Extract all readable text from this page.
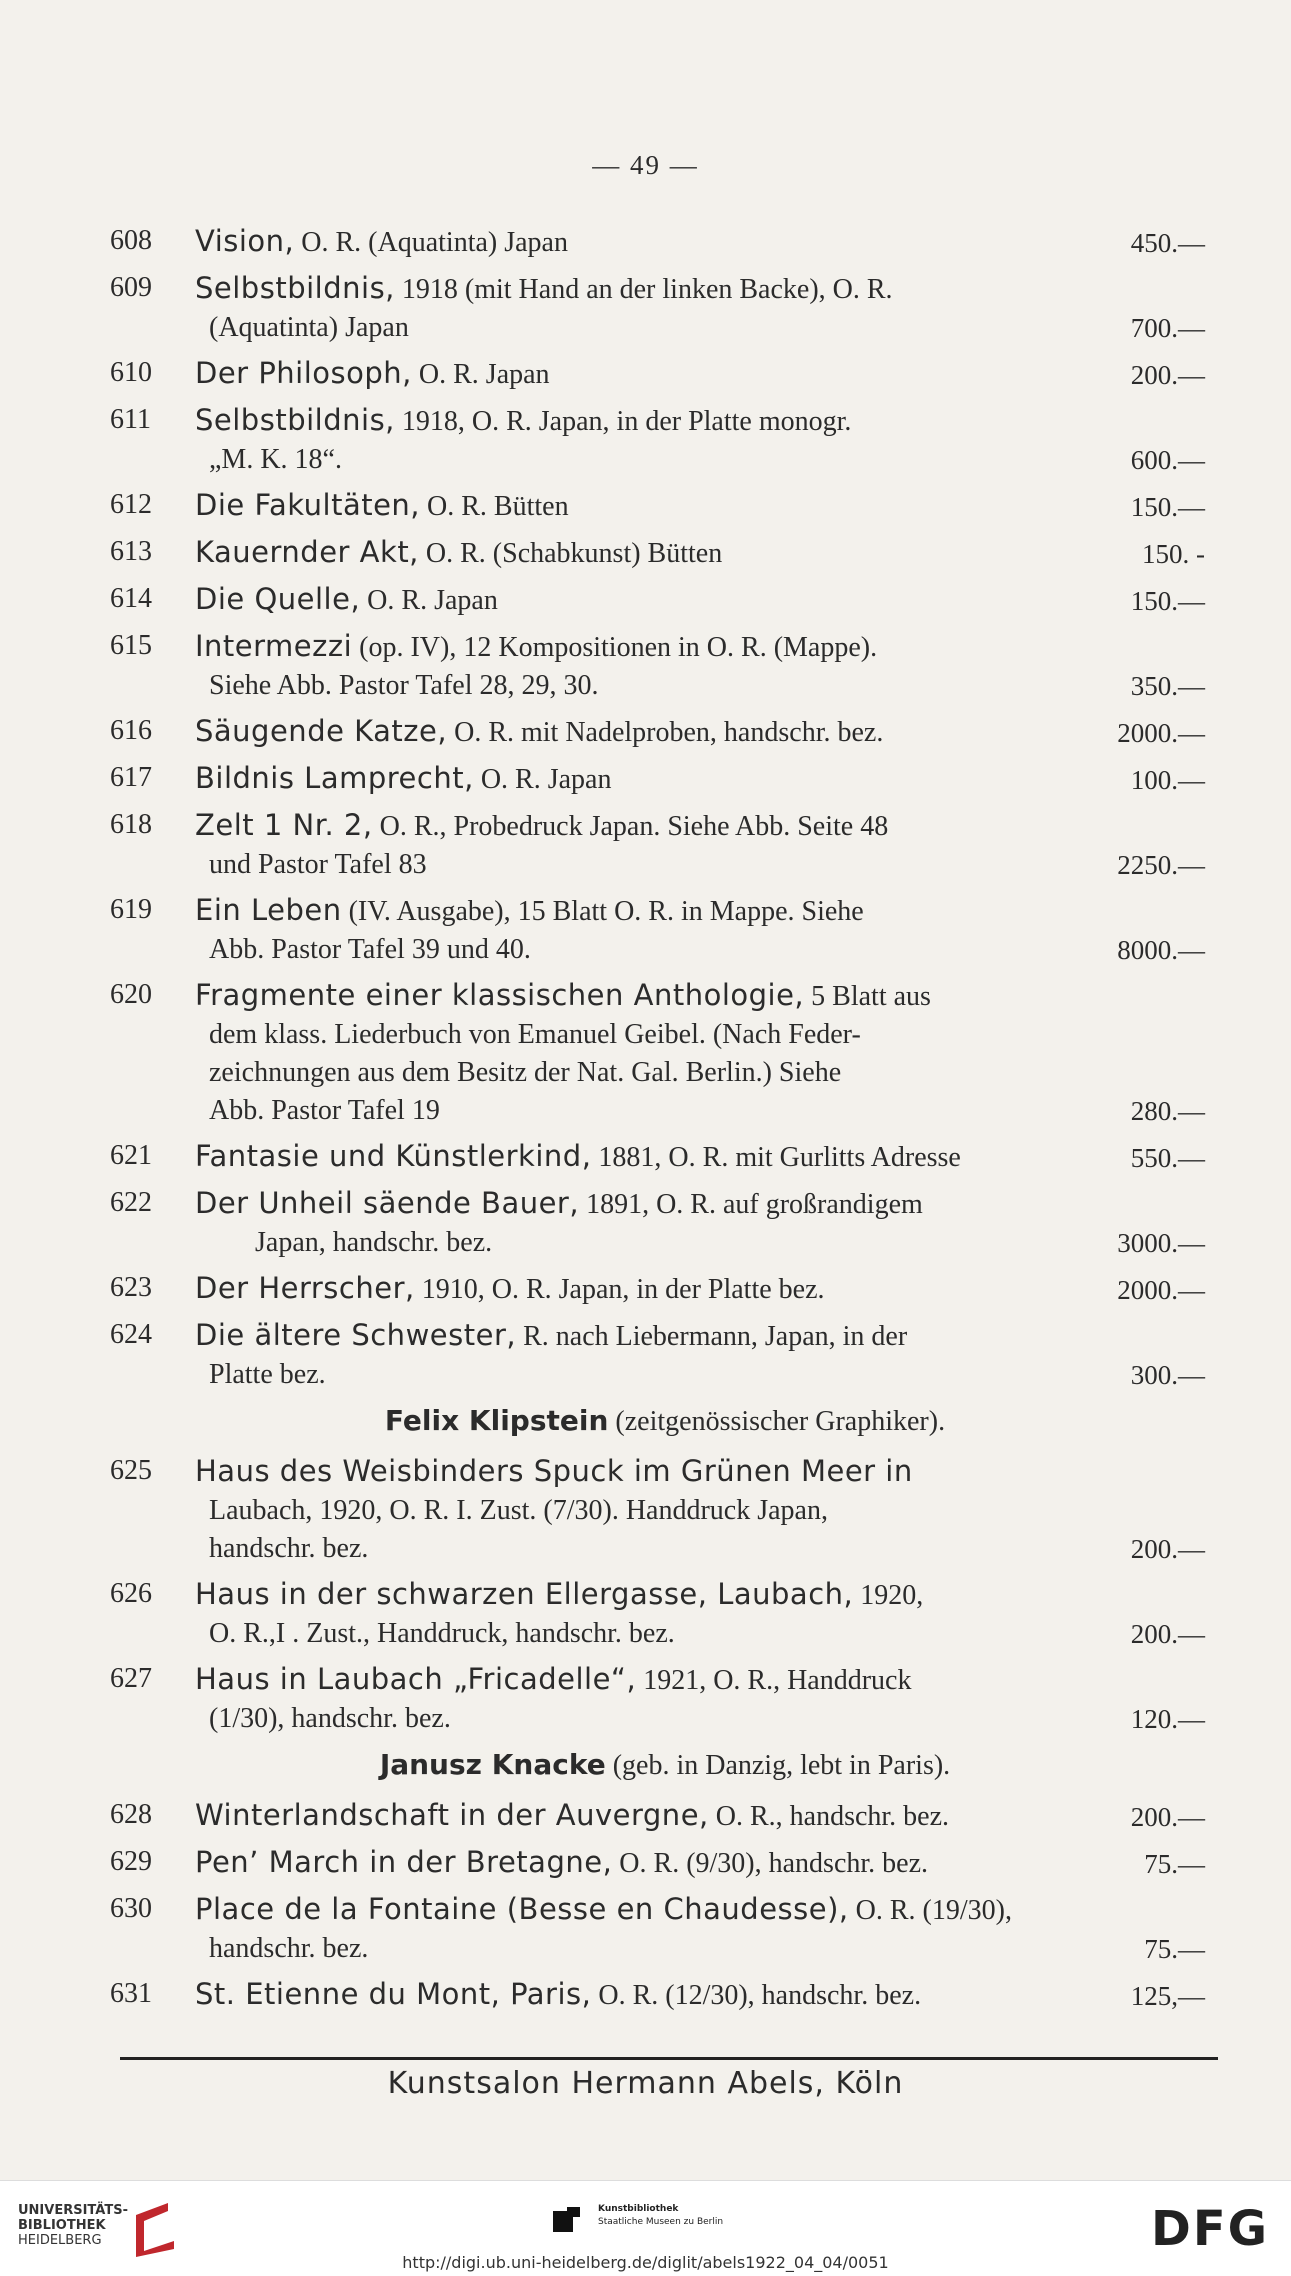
— 49 —
608	Vision, O. R. (Aquatinta) Japan	450.—
609	Selbstbildnis, 1918 (mit Hand an der linken Backe), O. R.
(Aquatinta) Japan	700.—
610	Der Philosoph, O. R. Japan	200.—
611	Selbstbildnis, 1918, O. R. Japan, in der Platte monogr.
„M. K. 18“.	600.—
612	Die Fakultäten, O. R. Bütten	150.—
613	Kauernder Akt, O. R. (Schabkunst) Bütten	150. -
614	Die Quelle, O. R. Japan	150.—
615	Intermezzi (op. IV), 12 Kompositionen in O. R. (Mappe).
Siehe Abb. Pastor Tafel 28, 29, 30.	350.—
616	Säugende Katze, O. R. mit Nadelproben, handschr. bez.	2000.—
617	Bildnis Lamprecht, O. R. Japan	100.—
618	Zelt 1 Nr. 2, O. R., Probedruck Japan. Siehe Abb. Seite 48
und Pastor Tafel 83	2250.—
619	Ein Leben (IV. Ausgabe), 15 Blatt O. R. in Mappe. Siehe
Abb. Pastor Tafel 39 und 40.	8000.—
620	Fragmente einer klassischen Anthologie, 5 Blatt aus
dem klass. Liederbuch von Emanuel Geibel. (Nach Feder-
zeichnungen aus dem Besitz der Nat. Gal. Berlin.) Siehe
Abb. Pastor Tafel 19	280.—
621	Fantasie und Künstlerkind, 1881, O. R. mit Gurlitts Adresse	550.—
622	Der Unheil säende Bauer, 1891, O. R. auf großrandigem
Japan, handschr. bez.	3000.—
623	Der Herrscher, 1910, O. R. Japan, in der Platte bez.	2000.—
624	Die ältere Schwester, R. nach Liebermann, Japan, in der
Platte bez.	300.—
Felix Klipstein (zeitgenössischer Graphiker).
625	Haus des Weisbinders Spuck im Grünen Meer in
Laubach, 1920, O. R. I. Zust. (7/30). Handdruck Japan,
handschr. bez.	200.—
626	Haus in der schwarzen Ellergasse, Laubach, 1920,
O. R.,I . Zust., Handdruck, handschr. bez.	200.—
627	Haus in Laubach „Fricadelle“, 1921, O. R., Handdruck
(1/30), handschr. bez.	120.—
Janusz Knacke (geb. in Danzig, lebt in Paris).
628	Winterlandschaft in der Auvergne, O. R., handschr. bez.	200.—
629	Pen’ March in der Bretagne, O. R. (9/30), handschr. bez.	75.—
630	Place de la Fontaine (Besse en Chaudesse), O. R. (19/30),
handschr. bez.	75.—
631	St. Etienne du Mont, Paris, O. R. (12/30), handschr. bez.	125,—
Kunstsalon Hermann Abels, Köln
UNIVERSITÄTS-
BIBLIOTHEK
HEIDELBERG
Kunstbibliothek
Staatliche Museen zu Berlin	DFG
http://digi.ub.uni-heidelberg.de/diglit/abels1922_04_04/0051
